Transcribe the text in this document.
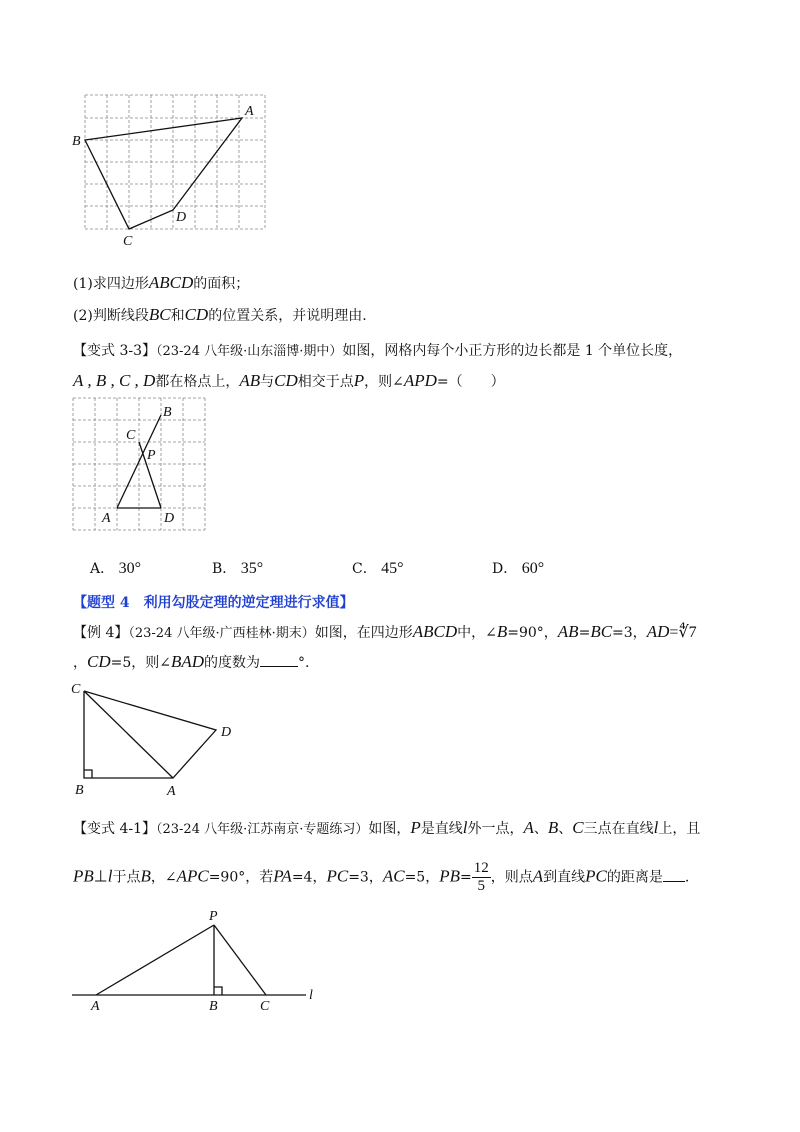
A
B
C
D
(1)求四边形ABCD的面积；
(2)判断线段BC和CD的位置关系，并说明理由.
【变式 3-3】（23-24 八年级·山东淄博·期中）如图，网格内每个小正方形的边长都是 1 个单位长度，
A , B , C , D都在格点上，AB与CD相交于点P，则∠APD=（　　）
B
C
P
A	D
A． 30°	B． 35°	C． 45°	D． 60°
【题型 4　利用勾股定理的逆定理进行求值】
【例 4】（23-24 八年级·广西桂林·期末）如图，在四边形ABCD中，∠B=90°，AB=BC=3，AD=∜7
，CD=5，则∠BAD的度数为	°.
C
D
B	A
【变式 4-1】（23-24 八年级·江苏南京·专题练习）如图，P是直线l外一点，A、B、C三点在直线l上，且
PB⊥l于点B，∠APC=90°，若PA=4，PC=3，AC=5，$PB= \frac{12}{5}$ ，则点A到直线PC的距离是 .
P
A	B	C
l
